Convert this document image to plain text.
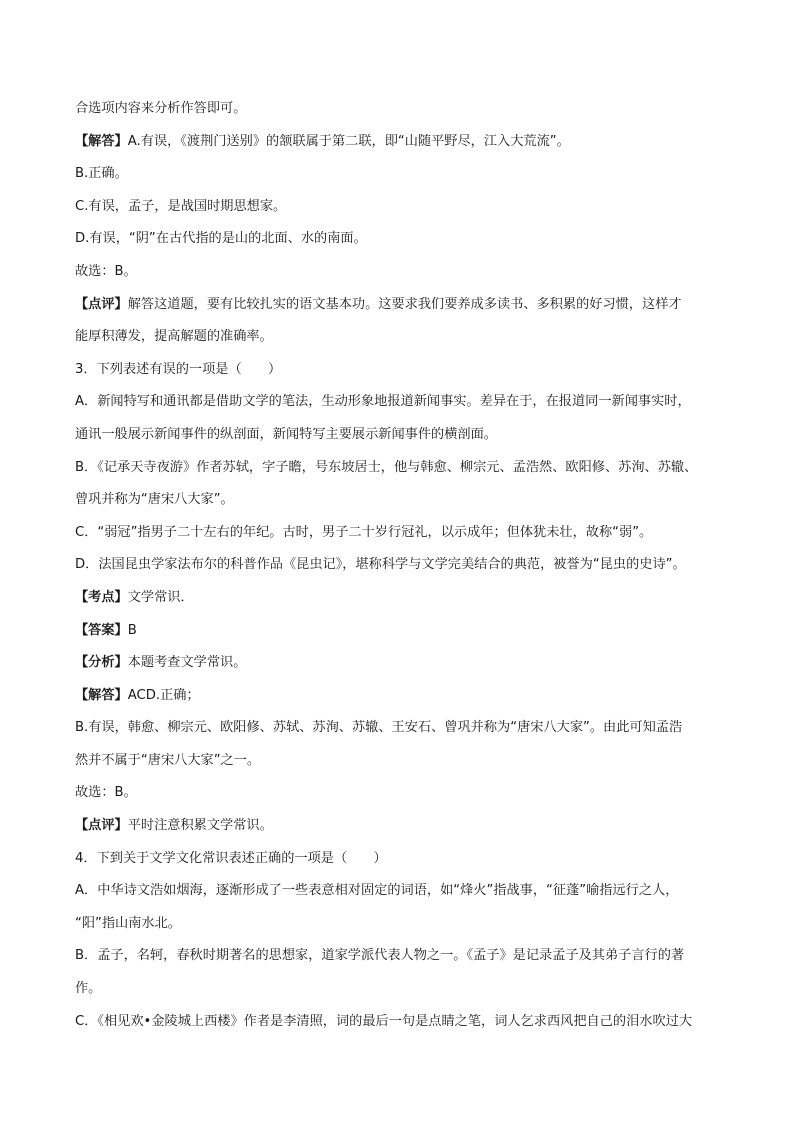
合选项内容来分析作答即可。
【解答】A.有误，《渡荆门送别》的颔联属于第二联，即“山随平野尽，江入大荒流”。
B.正确。
C.有误，孟子，是战国时期思想家。
D.有误，“阴”在古代指的是山的北面、水的南面。
故选：B。
【点评】解答这道题，要有比较扎实的语文基本功。这要求我们要养成多读书、多积累的好习惯，这样才
能厚积薄发，提高解题的准确率。
3．下列表述有误的一项是（　　）
A．新闻特写和通讯都是借助文学的笔法，生动形象地报道新闻事实。差异在于，在报道同一新闻事实时，
通讯一般展示新闻事件的纵剖面，新闻特写主要展示新闻事件的横剖面。
B．《记承天寺夜游》作者苏轼，字子瞻，号东坡居士，他与韩愈、柳宗元、孟浩然、欧阳修、苏洵、苏辙、
曾巩并称为“唐宋八大家”。
C．“弱冠”指男子二十左右的年纪。古时，男子二十岁行冠礼，以示成年；但体犹未壮，故称“弱”。
D．法国昆虫学家法布尔的科普作品《昆虫记》，堪称科学与文学完美结合的典范，被誉为“昆虫的史诗”。
【考点】文学常识．
【答案】B
【分析】本题考查文学常识。
【解答】ACD.正确；
B.有误，韩愈、柳宗元、欧阳修、苏轼、苏洵、苏辙、王安石、曾巩并称为“唐宋八大家”。由此可知孟浩
然并不属于“唐宋八大家”之一。
故选：B。
【点评】平时注意积累文学常识。
4．下到关于文学文化常识表述正确的一项是（　　）
A．中华诗文浩如烟海，逐渐形成了一些表意相对固定的词语，如“烽火”指战事，“征蓬”喻指远行之人，
“阳”指山南水北。
B．孟子，名轲，春秋时期著名的思想家，道家学派代表人物之一。《孟子》是记录孟子及其弟子言行的著
作。
C．《相见欢•金陵城上西楼》作者是李清照，词的最后一句是点睛之笔，词人乞求西风把自己的泪水吹过大
